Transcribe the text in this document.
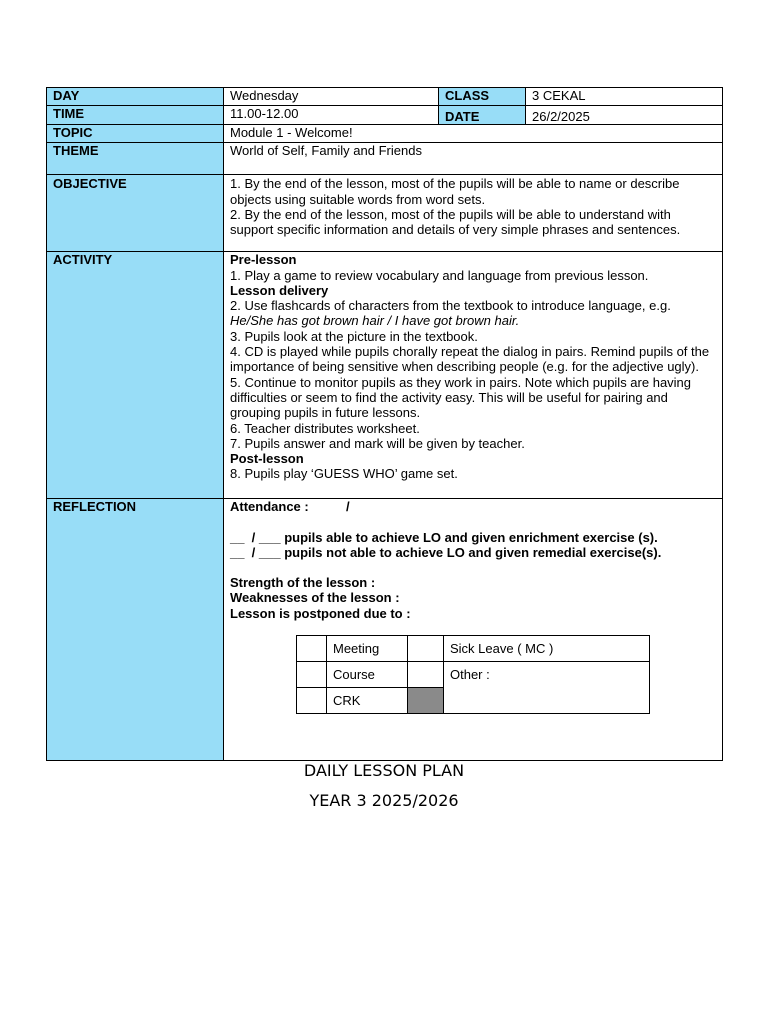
DAY	Wednesday	CLASS	3 CEKAL
TIME	11.00-12.00	DATE	26/2/2025
TOPIC	Module 1 - Welcome!
THEME	World of Self, Family and Friends
OBJECTIVE	1. By the end of the lesson, most of the pupils will be able to name or describe objects using suitable words from word sets.
2. By the end of the lesson, most of the pupils will be able to understand with support specific information and details of very simple phrases and sentences.

ACTIVITY	Pre-lesson
1. Play a game to review vocabulary and language from previous lesson.
Lesson delivery
2. Use flashcards of characters from the textbook to introduce language, e.g.
He/She has got brown hair / I have got brown hair.
3. Pupils look at the picture in the textbook.
4. CD is played while pupils chorally repeat the dialog in pairs. Remind pupils of the importance of being sensitive when describing people (e.g. for the adjective ugly).
5. Continue to monitor pupils as they work in pairs. Note which pupils are having difficulties or seem to find the activity easy. This will be useful for pairing and grouping pupils in future lessons.
6. Teacher distributes worksheet.
7. Pupils answer and mark will be given by teacher.
Post-lesson
8. Pupils play ‘GUESS WHO’ game set.

REFLECTION	Attendance :	/
__  / ___ pupils able to achieve LO and given enrichment exercise (s).
__  / ___ pupils not able to achieve LO and given remedial exercise(s).
Strength of the lesson :
Weaknesses of the lesson :
Lesson is postponed due to :
	Meeting		Sick Leave ( MC )
	Course		Other :
	CRK	
DAILY LESSON PLAN
YEAR 3 2025/2026
